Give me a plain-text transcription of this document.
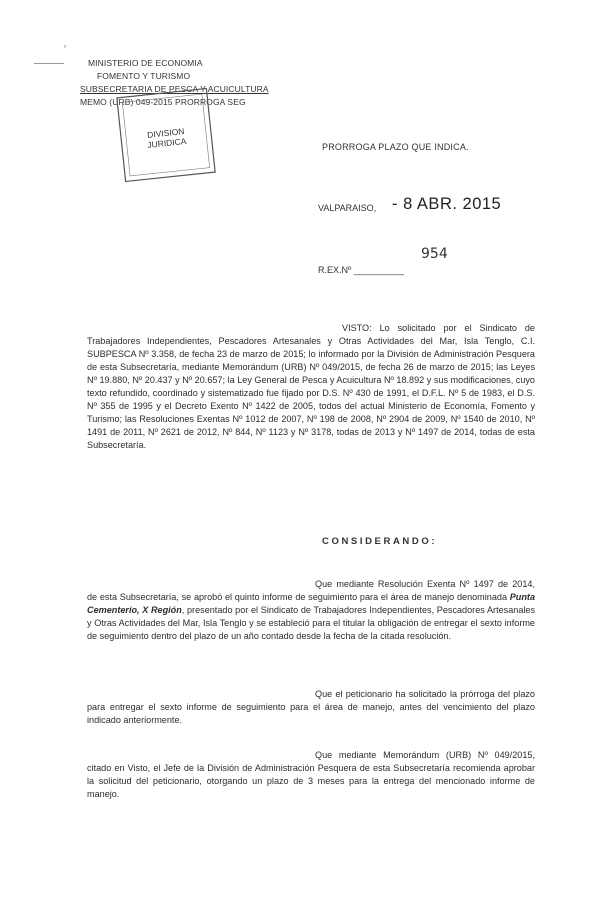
‘
MINISTERIO DE ECONOMIA
FOMENTO Y TURISMO
SUBSECRETARIA DE PESCA Y ACUICULTURA
MEMO (URB) 049-2015 PRORROGA SEG
DIVISION
JURIDICA	PRORROGA PLAZO QUE INDICA.
VALPARAISO, - 8 ABR. 2015
954
R.EX.Nº __________
VISTO: Lo solicitado por el Sindicato de Trabajadores Independientes, Pescadores Artesanales y Otras Actividades del Mar, Isla Tenglo, C.I. SUBPESCA Nº 3.358, de fecha 23 de marzo de 2015; lo informado por la División de Administración Pesquera de esta Subsecretaría, mediante Memorándum (URB) Nº 049/2015, de fecha 26 de marzo de 2015; las Leyes Nº 19.880, Nº 20.437 y Nº 20.657; la Ley General de Pesca y Acuicultura Nº 18.892 y sus modificaciones, cuyo texto refundido, coordinado y sistematizado fue fijado por D.S. Nº 430 de 1991, el D.F.L. Nº 5 de 1983, el D.S. Nº 355 de 1995 y el Decreto Exento Nº 1422 de 2005, todos del actual Ministerio de Economía, Fomento y Turismo; las Resoluciones Exentas Nº 1012 de 2007, Nº 198 de 2008, Nº 2904 de 2009, Nº 1540 de 2010, Nº 1491 de 2011, Nº 2621 de 2012, Nº 844, Nº 1123 y Nº 3178, todas de 2013 y Nº 1497 de 2014, todas de esta Subsecretaría.
CONSIDERANDO:
Que mediante Resolución Exenta Nº 1497 de 2014, de esta Subsecretaría, se aprobó el quinto informe de seguimiento para el área de manejo denominada Punta Cementerio, X Región, presentado por el Sindicato de Trabajadores Independientes, Pescadores Artesanales y Otras Actividades del Mar, Isla Tenglo y se estableció para el titular la obligación de entregar el sexto informe de seguimiento dentro del plazo de un año contado desde la fecha de la citada resolución.
Que el peticionario ha solicitado la prórroga del plazo para entregar el sexto informe de seguimiento para el área de manejo, antes del vencimiento del plazo indicado anteriormente.
Que mediante Memorándum (URB) Nº 049/2015, citado en Visto, el Jefe de la División de Administración Pesquera de esta Subsecretaría recomienda aprobar la solicitud del peticionario, otorgando un plazo de 3 meses para la entrega del mencionado informe de manejo.
